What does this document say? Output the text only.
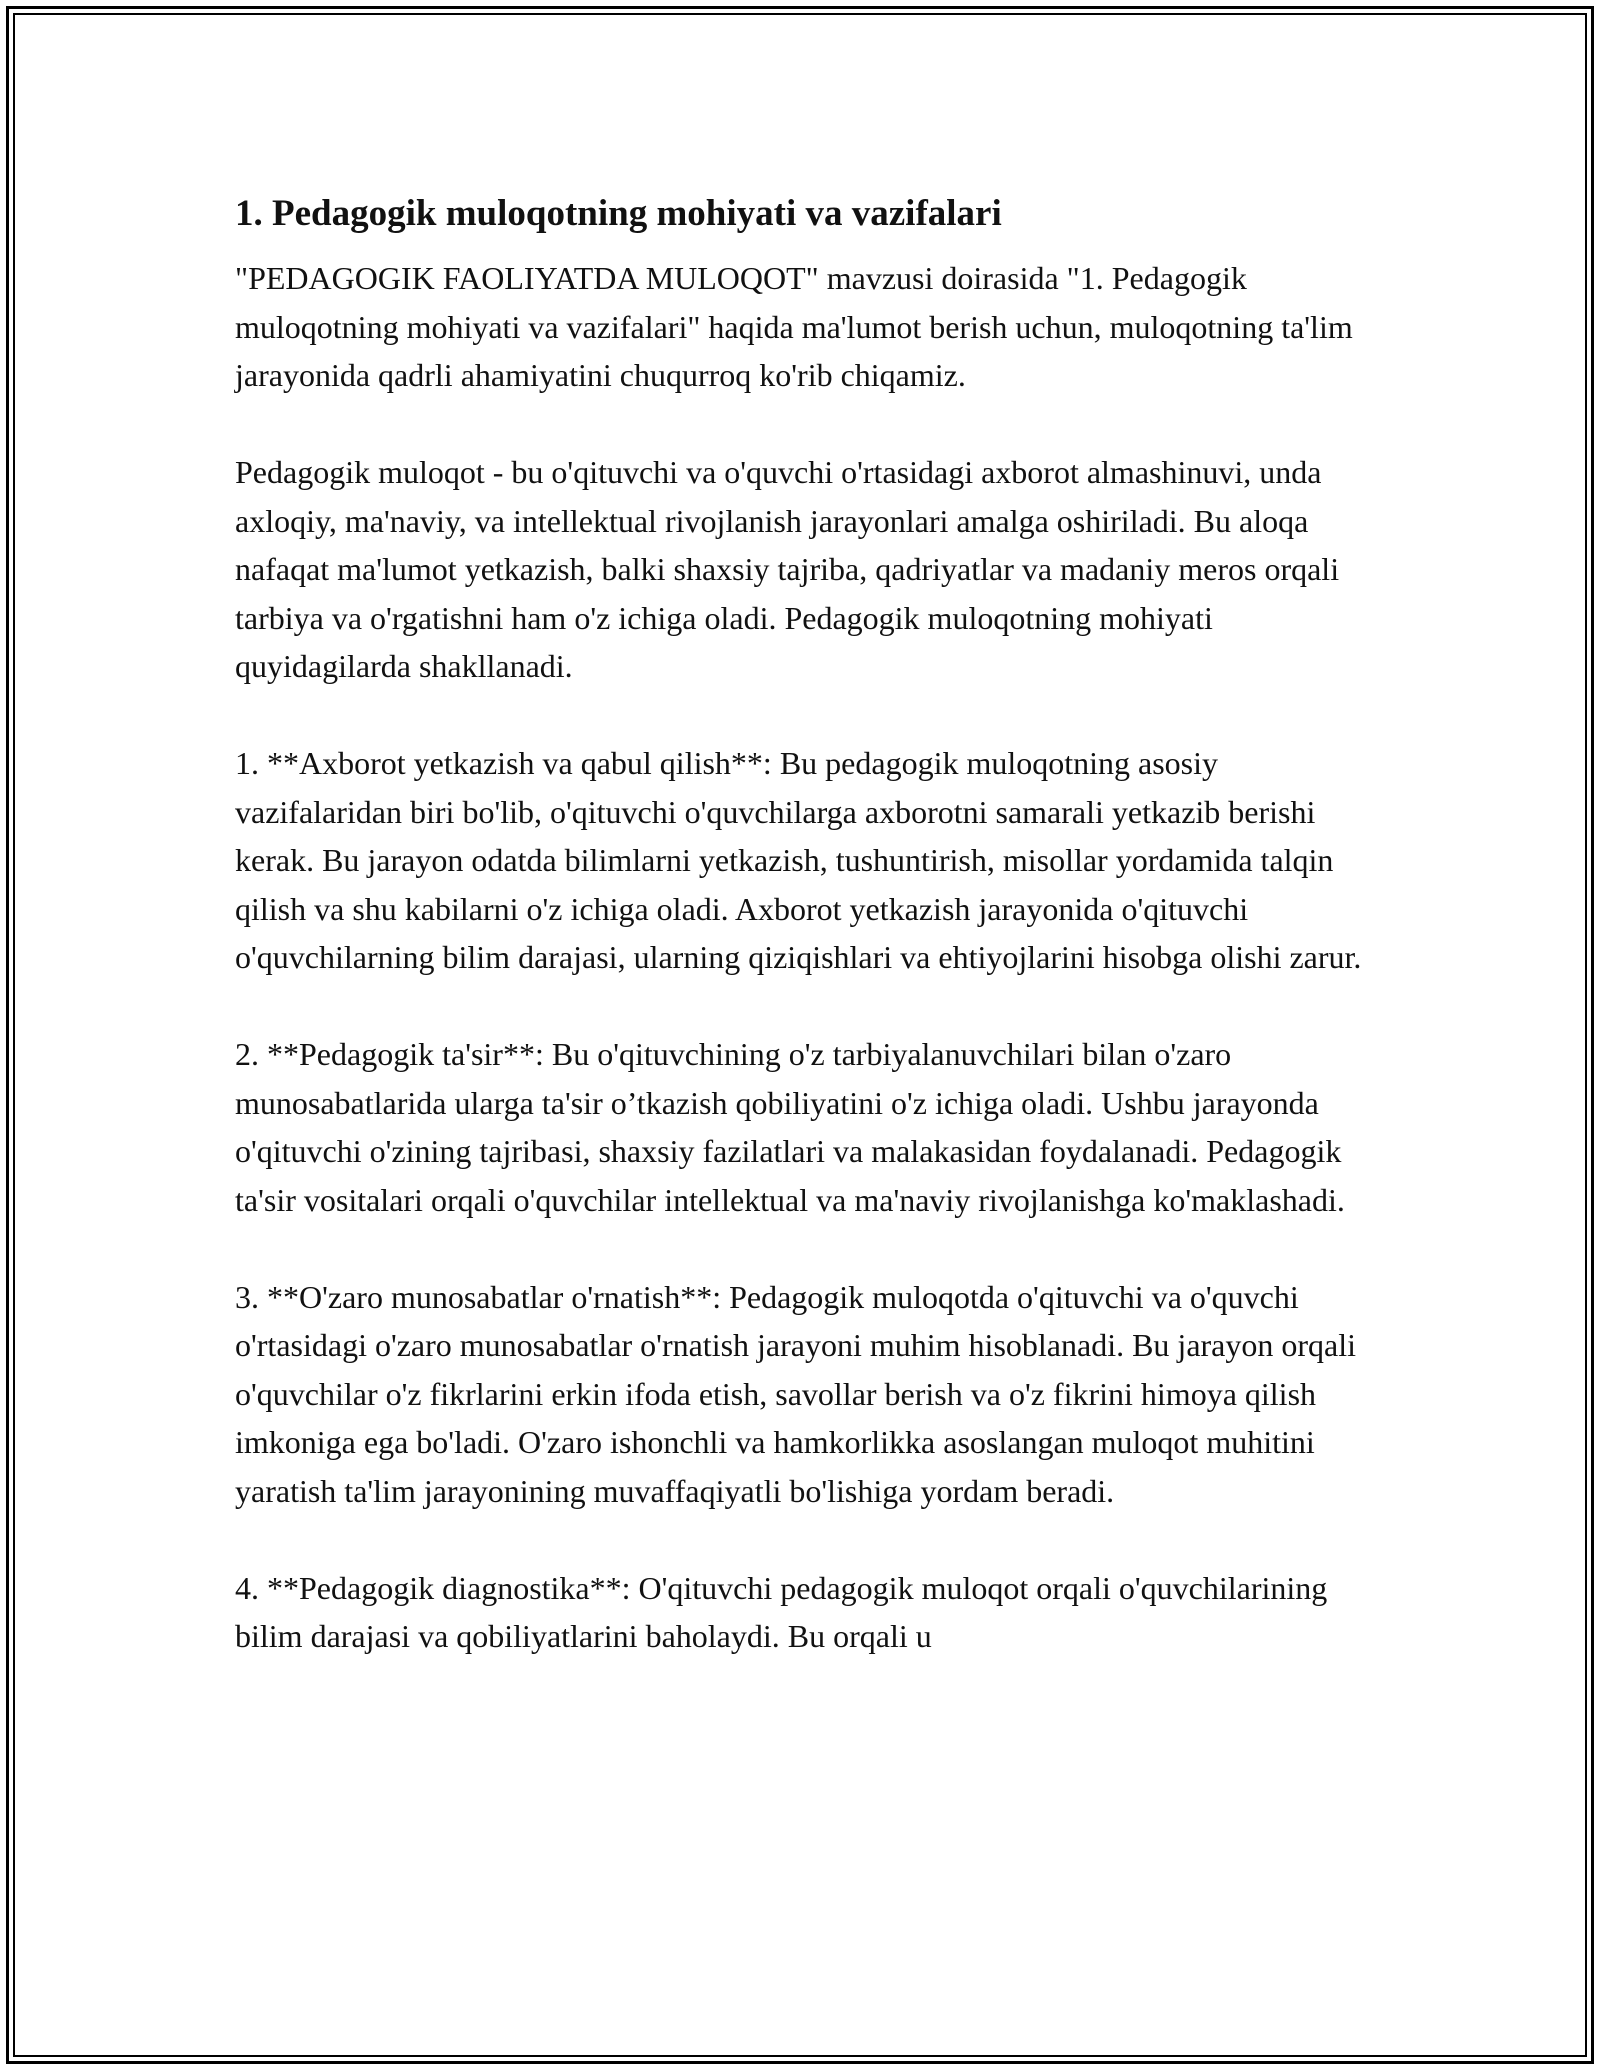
1. Pedagogik muloqotning mohiyati va vazifalari

"PEDAGOGIK FAOLIYATDA MULOQOT" mavzusi doirasida "1. Pedagogik muloqotning mohiyati va vazifalari" haqida ma'lumot berish uchun, muloqotning ta'lim jarayonida qadrli ahamiyatini chuqurroq ko'rib chiqamiz.

Pedagogik muloqot - bu o'qituvchi va o'quvchi o'rtasidagi axborot almashinuvi, unda axloqiy, ma'naviy, va intellektual rivojlanish jarayonlari amalga oshiriladi. Bu aloqa nafaqat ma'lumot yetkazish, balki shaxsiy tajriba, qadriyatlar va madaniy meros orqali tarbiya va o'rgatishni ham o'z ichiga oladi. Pedagogik muloqotning mohiyati quyidagilarda shakllanadi.

1. **Axborot yetkazish va qabul qilish**: Bu pedagogik muloqotning asosiy vazifalaridan biri bo'lib, o'qituvchi o'quvchilarga axborotni samarali yetkazib berishi kerak. Bu jarayon odatda bilimlarni yetkazish, tushuntirish, misollar yordamida talqin qilish va shu kabilarni o'z ichiga oladi. Axborot yetkazish jarayonida o'qituvchi o'quvchilarning bilim darajasi, ularning qiziqishlari va ehtiyojlarini hisobga olishi zarur.

2. **Pedagogik ta'sir**: Bu o'qituvchining o'z tarbiyalanuvchilari bilan o'zaro munosabatlarida ularga ta'sir o’tkazish qobiliyatini o'z ichiga oladi. Ushbu jarayonda o'qituvchi o'zining tajribasi, shaxsiy fazilatlari va malakasidan foydalanadi. Pedagogik ta'sir vositalari orqali o'quvchilar intellektual va ma'naviy rivojlanishga ko'maklashadi.

3. **O'zaro munosabatlar o'rnatish**: Pedagogik muloqotda o'qituvchi va o'quvchi o'rtasidagi o'zaro munosabatlar o'rnatish jarayoni muhim hisoblanadi. Bu jarayon orqali o'quvchilar o'z fikrlarini erkin ifoda etish, savollar berish va o'z fikrini himoya qilish imkoniga ega bo'ladi. O'zaro ishonchli va hamkorlikka asoslangan muloqot muhitini yaratish ta'lim jarayonining muvaffaqiyatli bo'lishiga yordam beradi.

4. **Pedagogik diagnostika**: O'qituvchi pedagogik muloqot orqali o'quvchilarining bilim darajasi va qobiliyatlarini baholaydi. Bu orqali u
